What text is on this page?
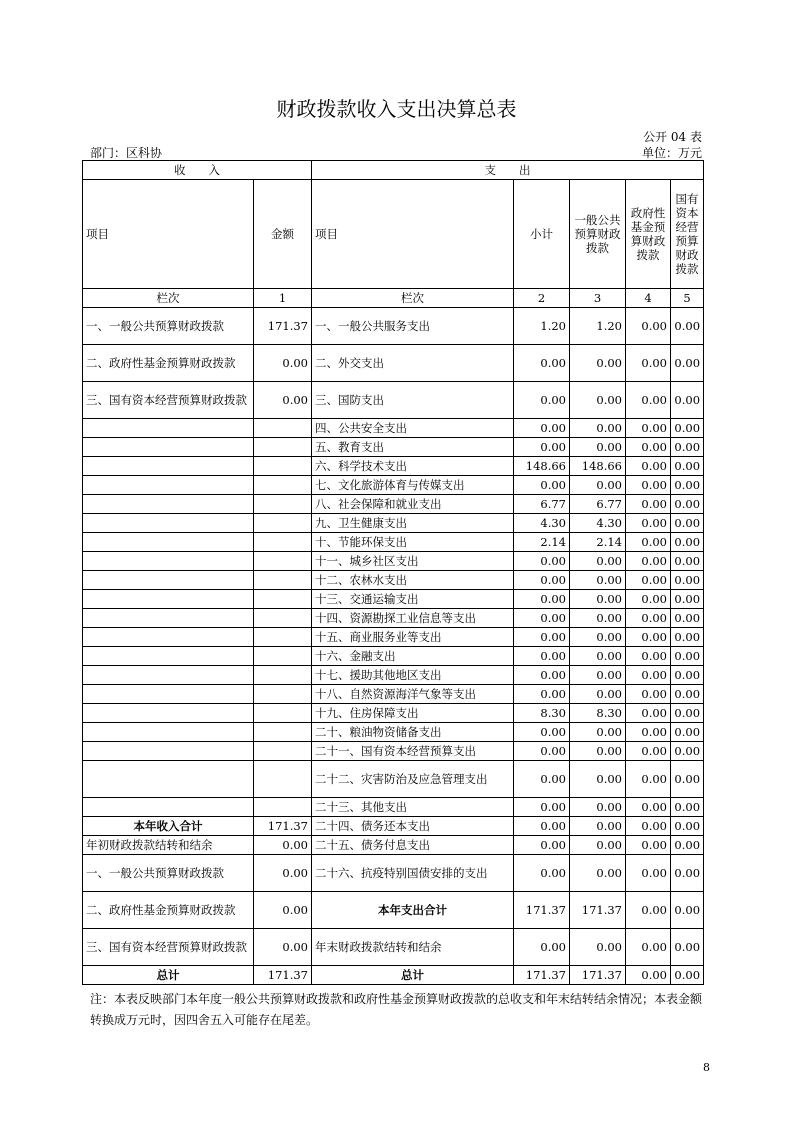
财政拨款收入支出决算总表
公开 04 表
部门：区科协	单位：万元
收　　入		支　　出				
项目	金额	项目	小计	一般公共预算财政拨款	政府性基金预算财政拨款	国有资本经营预算财政拨款
栏次	1	栏次	2	3	4	5
一、一般公共预算财政拨款	171.37	一、一般公共服务支出	1.20	1.20	0.00	0.00
二、政府性基金预算财政拨款	0.00	二、外交支出	0.00	0.00	0.00	0.00
三、国有资本经营预算财政拨款	0.00	三、国防支出	0.00	0.00	0.00	0.00
		四、公共安全支出	0.00	0.00	0.00	0.00
		五、教育支出	0.00	0.00	0.00	0.00
		六、科学技术支出	148.66	148.66	0.00	0.00
		七、文化旅游体育与传媒支出	0.00	0.00	0.00	0.00
		八、社会保障和就业支出	6.77	6.77	0.00	0.00
		九、卫生健康支出	4.30	4.30	0.00	0.00
		十、节能环保支出	2.14	2.14	0.00	0.00
		十一、城乡社区支出	0.00	0.00	0.00	0.00
		十二、农林水支出	0.00	0.00	0.00	0.00
		十三、交通运输支出	0.00	0.00	0.00	0.00
		十四、资源勘探工业信息等支出	0.00	0.00	0.00	0.00
		十五、商业服务业等支出	0.00	0.00	0.00	0.00
		十六、金融支出	0.00	0.00	0.00	0.00
		十七、援助其他地区支出	0.00	0.00	0.00	0.00
		十八、自然资源海洋气象等支出	0.00	0.00	0.00	0.00
		十九、住房保障支出	8.30	8.30	0.00	0.00
		二十、粮油物资储备支出	0.00	0.00	0.00	0.00
		二十一、国有资本经营预算支出	0.00	0.00	0.00	0.00
		二十二、灾害防治及应急管理支出	0.00	0.00	0.00	0.00
		二十三、其他支出	0.00	0.00	0.00	0.00
本年收入合计	171.37	二十四、债务还本支出	0.00	0.00	0.00	0.00
年初财政拨款结转和结余	0.00	二十五、债务付息支出	0.00	0.00	0.00	0.00
一、一般公共预算财政拨款	0.00	二十六、抗疫特别国债安排的支出	0.00	0.00	0.00	0.00
二、政府性基金预算财政拨款	0.00	本年支出合计	171.37	171.37	0.00	0.00
三、国有资本经营预算财政拨款	0.00	年末财政拨款结转和结余	0.00	0.00	0.00	0.00
总计	171.37	总计	171.37	171.37	0.00	0.00
注：本表反映部门本年度一般公共预算财政拨款和政府性基金预算财政拨款的总收支和年末结转结余情况；本表金额转换成万元时，因四舍五入可能存在尾差。
8
